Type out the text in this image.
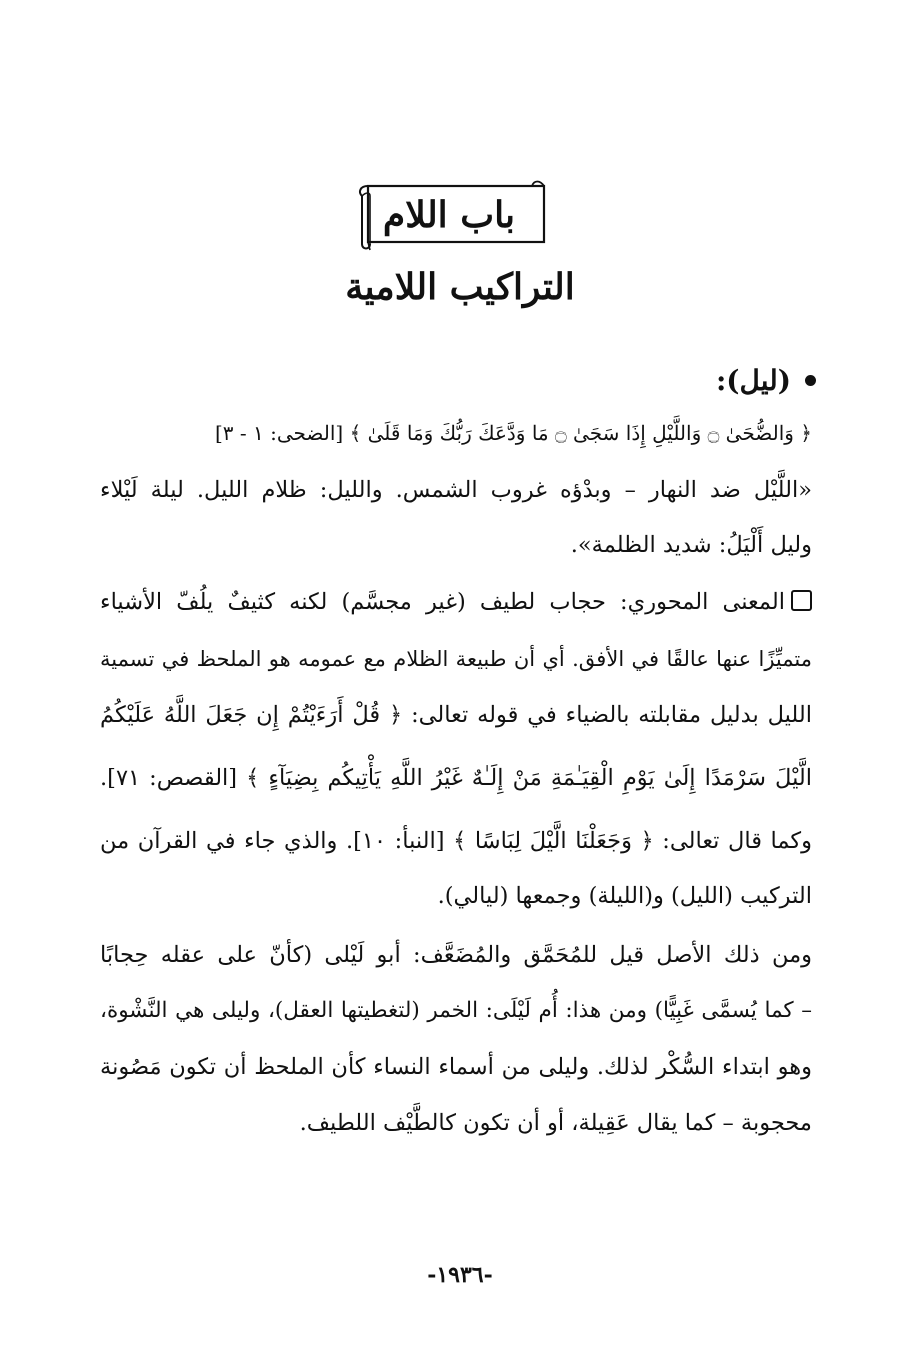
باب اللام
التراكيب اللامية
(ليل):
﴿ وَالضُّحَىٰ ۝ وَاللَّيْلِ إِذَا سَجَىٰ ۝ مَا وَدَّعَكَ رَبُّكَ وَمَا قَلَىٰ ﴾ [الضحى: ١ - ٣]
«اللَّيْل ضد النهار – وبدْؤه غروب الشمس. والليل: ظلام الليل. ليلة لَيْلاء
وليل أَلْيَلُ: شديد الظلمة».
المعنى المحوري: حجاب لطيف (غير مجسَّم) لكنه كثيفٌ يلُفّ الأشياء
متميِّزًا عنها عالقًا في الأفق. أي أن طبيعة الظلام مع عمومه هو الملحظ في تسمية
الليل بدليل مقابلته بالضياء في قوله تعالى: ﴿ قُلْ أَرَءَيْتُمْ إِن جَعَلَ اللَّهُ عَلَيْكُمُ
الَّيْلَ سَرْمَدًا إِلَىٰ يَوْمِ الْقِيَـٰمَةِ مَنْ إِلَـٰهٌ غَيْرُ اللَّهِ يَأْتِيكُم بِضِيَآءٍ ﴾ [القصص: ٧١].
وكما قال تعالى: ﴿ وَجَعَلْنَا الَّيْلَ لِبَاسًا ﴾ [النبأ: ١٠]. والذي جاء في القرآن من
التركيب (الليل) و(الليلة) وجمعها (ليالي).
ومن ذلك الأصل قيل للمُحَمَّق والمُضَعَّف: أبو لَيْلى (كأنّ على عقله حِجابًا
– كما يُسمَّى غَبِيًّا) ومن هذا: أُم لَيْلَى: الخمر (لتغطيتها العقل)، وليلى هي النَّشْوة،
وهو ابتداء السُّكْر لذلك. وليلى من أسماء النساء كأن الملحظ أن تكون مَصُونة
محجوبة – كما يقال عَقِيلة، أو أن تكون كالطَّيْف اللطيف.
-١٩٣٦-
